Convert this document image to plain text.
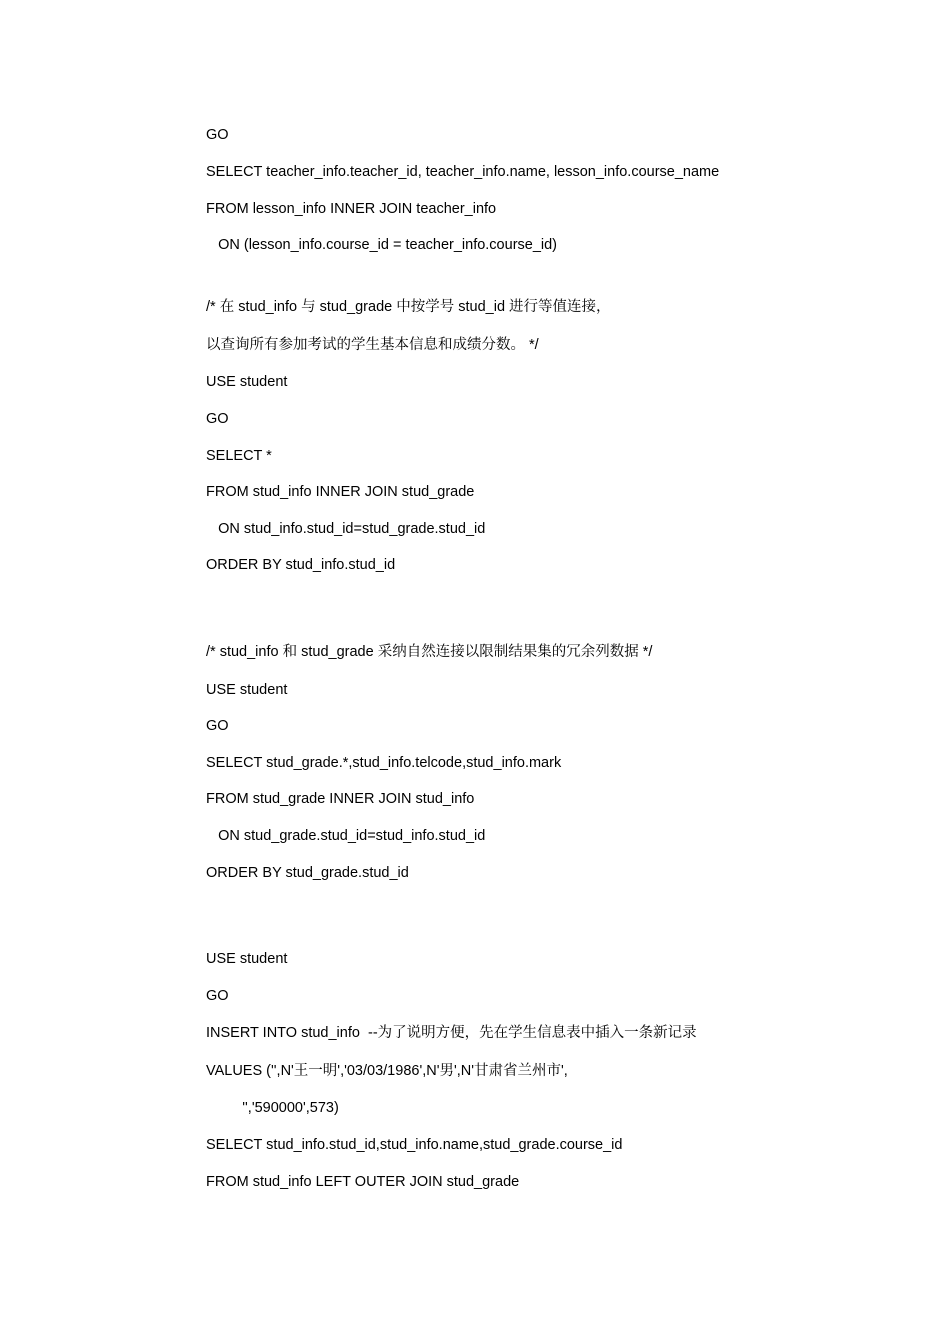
GO
SELECT teacher_info.teacher_id, teacher_info.name, lesson_info.course_name
FROM lesson_info INNER JOIN teacher_info
ON (lesson_info.course_id = teacher_info.course_id)
/* 在 stud_info 与 stud_grade 中按学号 stud_id 进行等值连接，
以查询所有参加考试的学生基本信息和成绩分数。 */
USE student
GO
SELECT *
FROM stud_info INNER JOIN stud_grade
ON stud_info.stud_id=stud_grade.stud_id
ORDER BY stud_info.stud_id
/* stud_info 和 stud_grade 采纳自然连接以限制结果集的冗余列数据 */
USE student
GO
SELECT stud_grade.*,stud_info.telcode,stud_info.mark
FROM stud_grade INNER JOIN stud_info
ON stud_grade.stud_id=stud_info.stud_id
ORDER BY stud_grade.stud_id
USE student
GO
INSERT INTO stud_info  --为了说明方便，先在学生信息表中插入一条新记录
VALUES ('',N'王一明','03/03/1986',N'男',N'甘肃省兰州市',
'','590000',573)
SELECT stud_info.stud_id,stud_info.name,stud_grade.course_id
FROM stud_info LEFT OUTER JOIN stud_grade
